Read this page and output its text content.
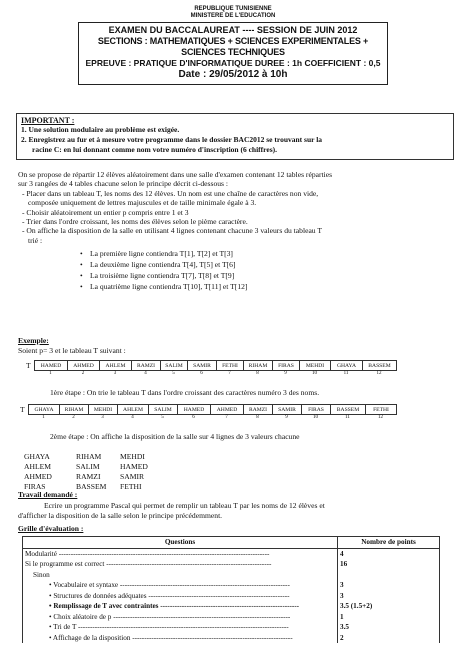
REPUBLIQUE TUNISIENNE
MINISTERE DE L'EDUCATION
EXAMEN DU BACCALAUREAT ---- SESSION DE JUIN 2012
SECTIONS : MATHEMATIQUES + SCIENCES EXPERIMENTALES + SCIENCES TECHNIQUES
EPREUVE : PRATIQUE D'INFORMATIQUE DUREE : 1h COEFFICIENT : 0,5
Date : 29/05/2012 à 10h
IMPORTANT :
1. Une solution modulaire au problème est exigée.
2. Enregistrez au fur et à mesure votre programme dans le dossier BAC2012 se trouvant sur la
racine C: en lui donnant comme nom votre numéro d'inscription (6 chiffres).

On se propose de répartir 12 élèves aléatoirement dans une salle d'examen contenant 12 tables réparties

sur 3 rangées de 4 tables chacune selon le principe décrit ci-dessous :

- Placer dans un tableau T, les noms des 12 élèves. Un nom est une chaîne de caractères non vide,

composée uniquement de lettres majuscules et de taille minimale égale à 3.

- Choisir aléatoirement un entier p compris entre 1 et 3

- Trier dans l'ordre croissant, les noms des élèves selon le pième caractère.

- On affiche la disposition de la salle en utilisant 4 lignes contenant chacune 3 valeurs du tableau T

trié :

• La première ligne contiendra T[1], T[2] et T[3]
• La deuxième ligne contiendra T[4], T[5] et T[6]
• La troisième ligne contiendra T[7], T[8] et T[9]
• La quatrième ligne contiendra T[10], T[11] et T[12]
Exemple:
Soient p= 3 et le tableau T suivant :
T HAMED	AHMED	AHLEM	RAMZI	SALIM	SAMIR	FETHI	RIHAM	FIRAS	MEHDI	GHAYA	BASSEM
1	2	3	4	5	6	7	8	9	10	11	12
1ère étape : On trie le tableau T dans l'ordre croissant des caractères numéro 3 des noms.
T GHAYA	RIHAM	MEHDI	AHLEM	SALIM	HAMED	AHMED	RAMZI	SAMIR	FIRAS	BASSEM	FETHI
1	2	3	4	5	6	7	8	9	10	11	12
2ème étape : On affiche la disposition de la salle sur 4 lignes de 3 valeurs chacune
GHAYA	RIHAM	MEHDI
AHLEM	SALIM	HAMED
AHMED	RAMZI	SAMIR
FIRAS	BASSEM	FETHI
Travail demandé :
Ecrire un programme Pascal qui permet de remplir un tableau T par les noms de 12 élèves et
d'afficher la disposition de la salle selon le principe précédemment.
Grille d'évaluation :
Questions	Nombre de points
Modularité ----------------------------------------------------------------------------------------	4
Si le programme est correct ---------------------------------------------------------------------	16
Sinon	
• Vocabulaire et syntaxe -----------------------------------------------------------------------	3
• Structures de données adéquates -----------------------------------------------------------	3
• Remplissage de T avec contraintes ----------------------------------------------------------	3.5 (1.5+2)
• Choix aléatoire de p --------------------------------------------------------------------------	1
• Tri de T ----------------------------------------------------------------------------------------	3.5
• Affichage de la disposition -------------------------------------------------------------------	2
